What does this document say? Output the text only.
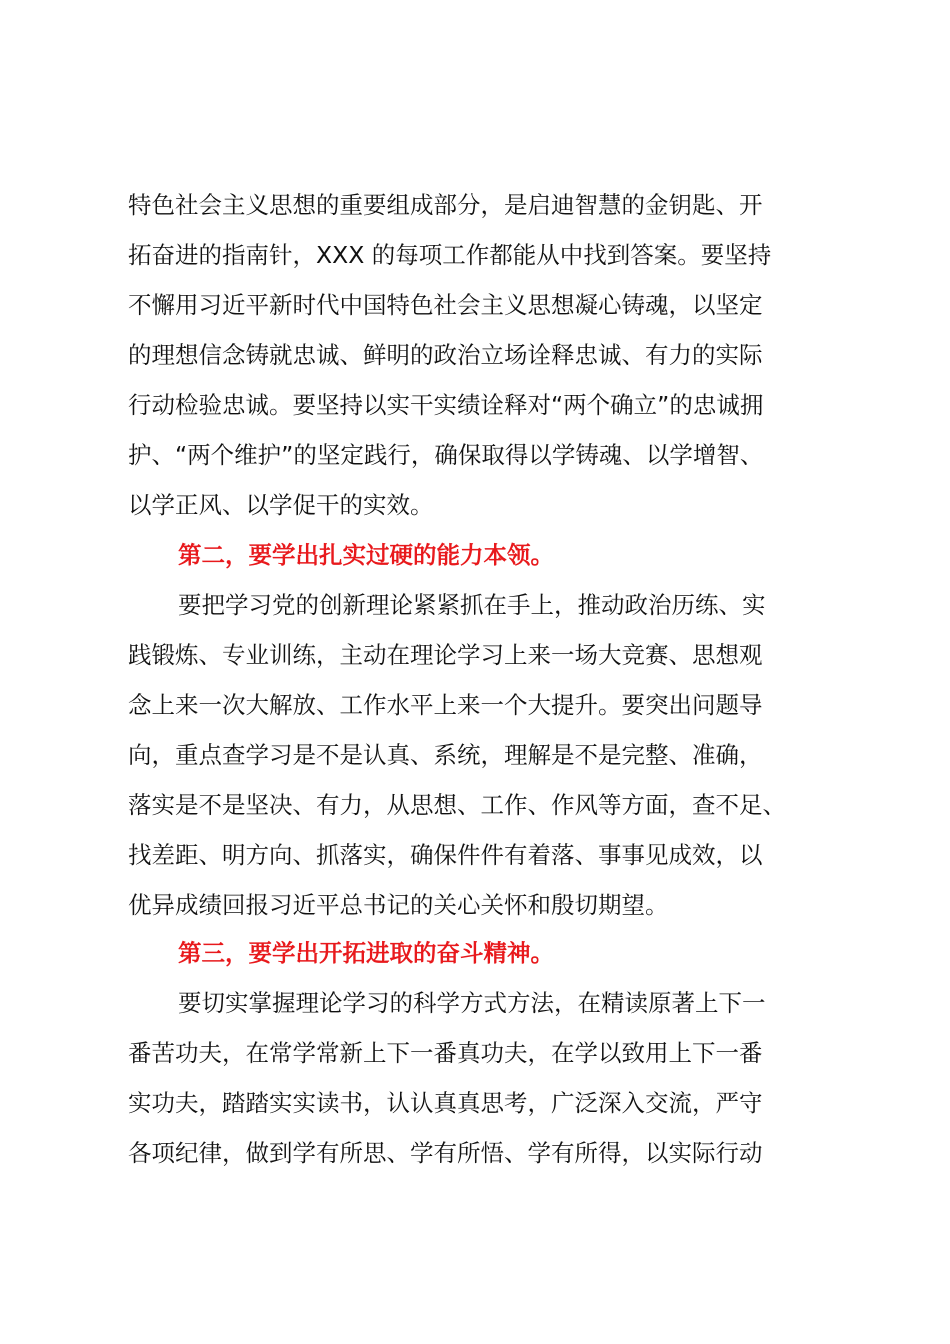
特色社会主义思想的重要组成部分，是启迪智慧的金钥匙、开
拓奋进的指南针，XXX 的每项工作都能从中找到答案。要坚持
不懈用习近平新时代中国特色社会主义思想凝心铸魂，以坚定
的理想信念铸就忠诚、鲜明的政治立场诠释忠诚、有力的实际
行动检验忠诚。要坚持以实干实绩诠释对“两个确立”的忠诚拥
护、“两个维护”的坚定践行，确保取得以学铸魂、以学增智、
以学正风、以学促干的实效。
第二，要学出扎实过硬的能力本领。
要把学习党的创新理论紧紧抓在手上，推动政治历练、实
践锻炼、专业训练，主动在理论学习上来一场大竞赛、思想观
念上来一次大解放、工作水平上来一个大提升。要突出问题导
向，重点查学习是不是认真、系统，理解是不是完整、准确，
落实是不是坚决、有力，从思想、工作、作风等方面，查不足、
找差距、明方向、抓落实，确保件件有着落、事事见成效，以
优异成绩回报习近平总书记的关心关怀和殷切期望。
第三，要学出开拓进取的奋斗精神。
要切实掌握理论学习的科学方式方法，在精读原著上下一
番苦功夫，在常学常新上下一番真功夫，在学以致用上下一番
实功夫，踏踏实实读书，认认真真思考，广泛深入交流，严守
各项纪律，做到学有所思、学有所悟、学有所得，以实际行动
